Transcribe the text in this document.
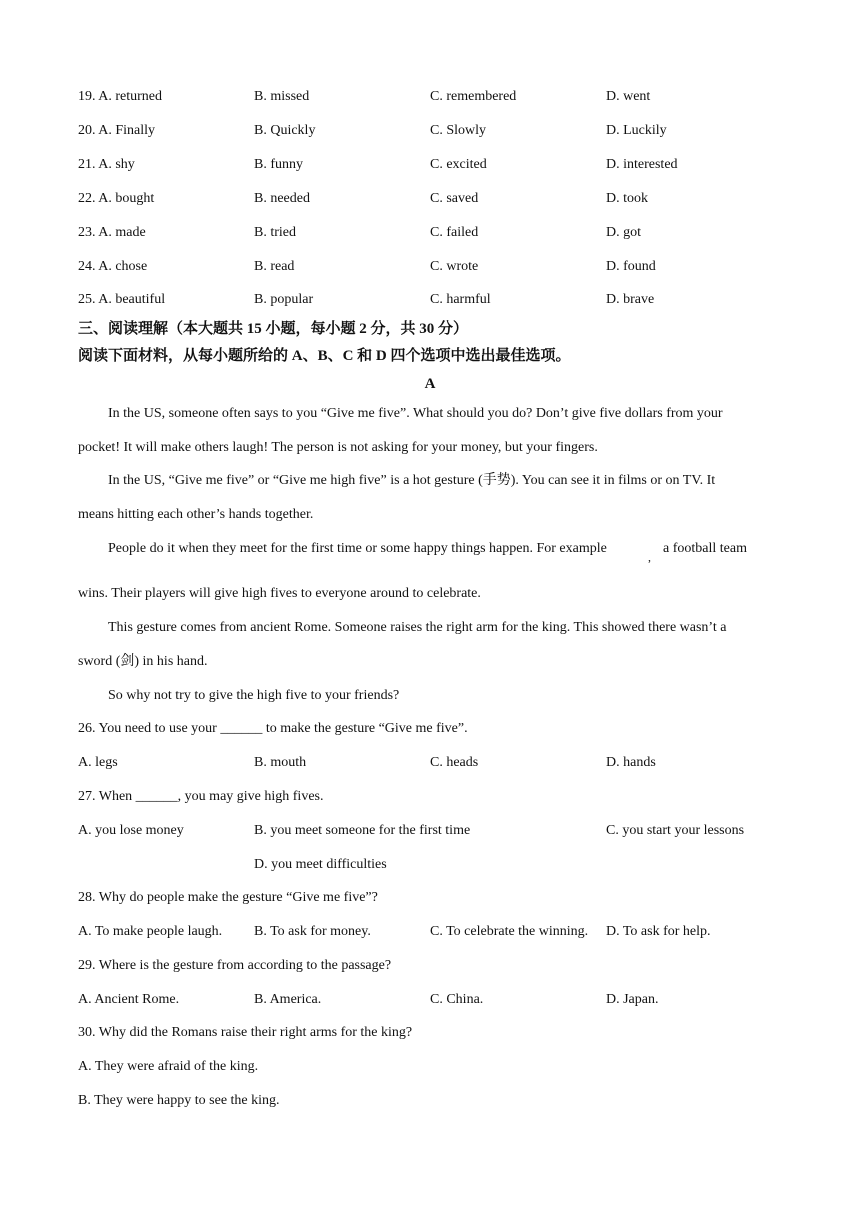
19. A. returned	B. missed	C. remembered	D. went
20. A. Finally	B. Quickly	C. Slowly	D. Luckily
21. A. shy	B. funny	C. excited	D. interested
22. A. bought	B. needed	C. saved	D. took
23. A. made	B. tried	C. failed	D. got
24. A. chose	B. read	C. wrote	D. found
25. A. beautiful	B. popular	C. harmful	D. brave
三、阅读理解（本大题共 15 小题，每小题 2 分，共 30 分）
阅读下面材料，从每小题所给的 A、B、C 和 D 四个选项中选出最佳选项。
A
In the US, someone often says to you “Give me five”. What should you do? Don’t give five dollars from your
pocket! It will make others laugh! The person is not asking for your money, but your fingers.
In the US, “Give me five” or “Give me high five” is a hot gesture (手势). You can see it in films or on TV. It
means hitting each other’s hands together.
People do it when they meet for the first time or some happy things happen. For example
,
a football team
wins. Their players will give high fives to everyone around to celebrate.
This gesture comes from ancient Rome. Someone raises the right arm for the king. This showed there wasn’t a
sword (剑) in his hand.
So why not try to give the high five to your friends?
26. You need to use your ______ to make the gesture “Give me five”.
A. legs	B. mouth	C. heads	D. hands
27. When ______, you may give high fives.
A. you lose money	B. you meet someone for the first time	C. you start your lessons
D. you meet difficulties
28. Why do people make the gesture “Give me five”?
A. To make people laugh. B. To ask for money.	C. To celebrate the winning. D. To ask for help.
29. Where is the gesture from according to the passage?
A. Ancient Rome.	B. America.	C. China.	D. Japan.
30. Why did the Romans raise their right arms for the king?
A. They were afraid of the king.
B. They were happy to see the king.
